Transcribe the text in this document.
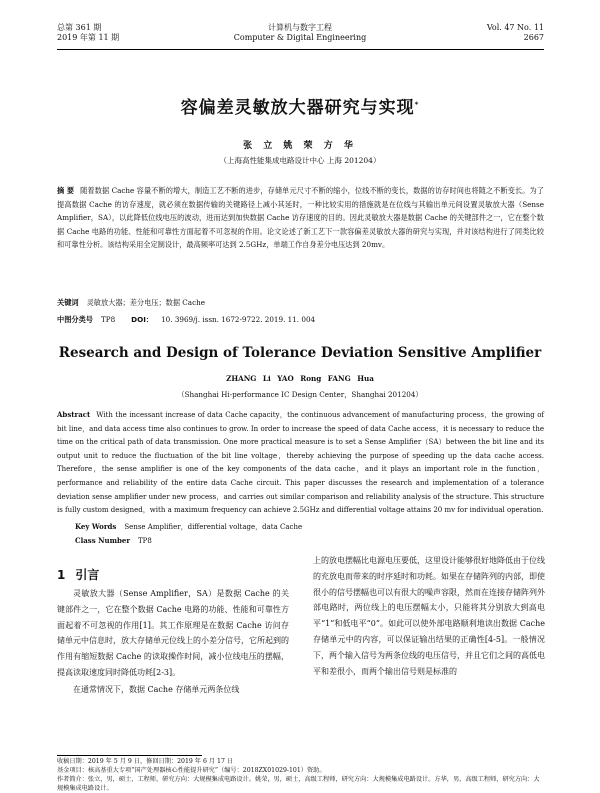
总第 361 期
2019 年第 11 期
计算机与数字工程
Computer & Digital Engineering
Vol. 47 No. 11
2667
容偏差灵敏放大器研究与实现*
张 立 姚 荣 方 华
（上海高性能集成电路设计中心 上海 201204）
摘 要 随着数据 Cache 容量不断的增大，制造工艺不断的进步，存储单元尺寸不断的缩小，位线不断的变长，数据的访存时间也将随之不断变长。为了提高数据 Cache 的访存速度，就必须在数据传输的关键路径上减小其延时，一种比较实用的措施就是在位线与其输出单元间设置灵敏放大器（Sense Amplifier，SA），以此降低位线电压的波动，进而达到加快数据 Cache 访存速度的目的。因此灵敏放大器是数据 Cache 的关键部件之一，它在整个数据 Cache 电路的功能、性能和可靠性方面起着不可忽视的作用。论文论述了新工艺下一款容偏差灵敏放大器的研究与实现，并对该结构进行了同类比较和可靠性分析。该结构采用全定制设计，最高频率可达到 2.5GHz，单端工作自身差分电压达到 20mv。
关键词 灵敏放大器；差分电压；数据 Cache
中图分类号 TP8 DOI： 10. 3969/j. issn. 1672-9722. 2019. 11. 004
Research and Design of Tolerance Deviation Sensitive Amplifier
ZHANG Li YAO Rong FANG Hua
（Shanghai Hi-performance IC Design Center，Shanghai 201204）
Abstract With the incessant increase of data Cache capacity，the continuous advancement of manufacturing process，the growing of bit line，and data access time also continues to grow. In order to increase the speed of data Cache access，it is necessary to reduce the time on the critical path of data transmission. One more practical measure is to set a Sense Amplifier（SA）between the bit line and its output unit to reduce the fluctuation of the bit line voltage，thereby achieving the purpose of speeding up the data cache access. Therefore，the sense amplifier is one of the key components of the data cache，and it plays an important role in the function，performance and reliability of the entire data Cache circuit. This paper discusses the research and implementation of a tolerance deviation sense amplifier under new process，and carries out similar comparison and reliability analysis of the structure. This structure is fully custom designed，with a maximum frequency can achieve 2.5GHz and differential voltage attains 20 mv for individual operation.
Key Words Sense Amplifier，differential voltage，data Cache
Class Number TP8
1 引言

灵敏放大器（Sense Amplifier，SA）是数据 Cache 的关键部件之一，它在整个数据 Cache 电路的功能、性能和可靠性方面起着不可忽视的作用[1]。其工作原理是在数据 Cache 访问存储单元中信息时，放大存储单元位线上的小差分信号，它所起到的作用有缩短数据 Cache 的读取操作时间，减小位线电压的摆幅，提高读取速度同时降低功耗[2-3]。

在通常情况下，数据 Cache 存储单元两条位线

上的放电摆幅比电源电压要低，这里设计能够很好地降低由于位线的充放电而带来的时序延时和功耗。如果在存储阵列的内部，即使很小的信号摆幅也可以有很大的噪声容限，然而在连接存储阵列外部电路时，两位线上的电压摆幅太小，只能将其分别放大到高电平“1”和低电平“0”。如此可以使外部电路顺利地读出数据 Cache 存储单元中的内容，可以保证输出结果的正确性[4-5]。一般情况下，两个输入信号为两条位线的电压信号，并且它们之间的高低电平和差很小，而两个输出信号则是标准的

收稿日期：2019 年 5 月 9 日，修回日期：2019 年 6 月 17 日
基金项目：核高基重大专项“国产处理器核心性能提升研究”（编号：2018ZX01029-101）资助。
作者简介：张立，男，硕士，工程师，研究方向：大规模集成电路设计。姚荣，男，硕士，高级工程师，研究方向：大规模集成电路设计。方华，男，高级工程师，研究方向：大规模集成电路设计。
